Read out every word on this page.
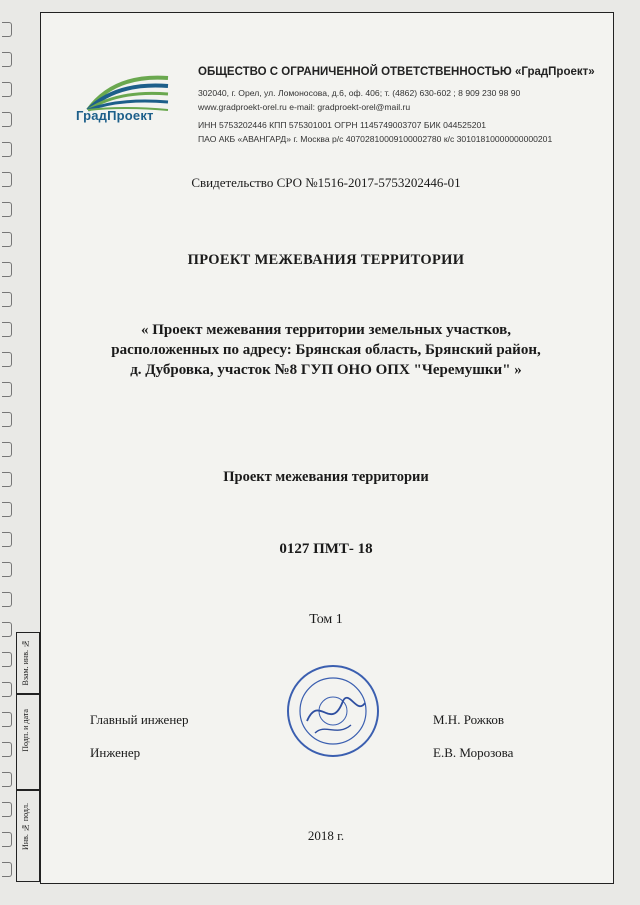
ГрадПроект
ОБЩЕСТВО С ОГРАНИЧЕННОЙ ОТВЕТСТВЕННОСТЬЮ «ГрадПроект»
302040, г. Орел, ул. Ломоносова, д.6, оф. 406; т. (4862) 630-602 ; 8 909 230 98 90
www.gradproekt-orel.ru e-mail: gradproekt-orel@mail.ru
ИНН 5753202446 КПП 575301001 ОГРН 1145749003707 БИК 044525201
ПАО АКБ «АВАНГАРД» г. Москва р/с 40702810009100002780 к/с 30101810000000000201
Свидетельство СРО №1516-2017-5753202446-01
ПРОЕКТ МЕЖЕВАНИЯ ТЕРРИТОРИИ
« Проект межевания территории земельных участков,
расположенных по адресу: Брянская область, Брянский район,
д. Дубровка, участок №8 ГУП ОНО ОПХ "Черемушки" »
Проект межевания территории
0127 ПМТ- 18
Том 1
Главный инженер	М.Н. Рожков
Инженер	Е.В. Морозова
2018 г.
Взам. инв. №
Подп. и дата
Инв. № подл.
